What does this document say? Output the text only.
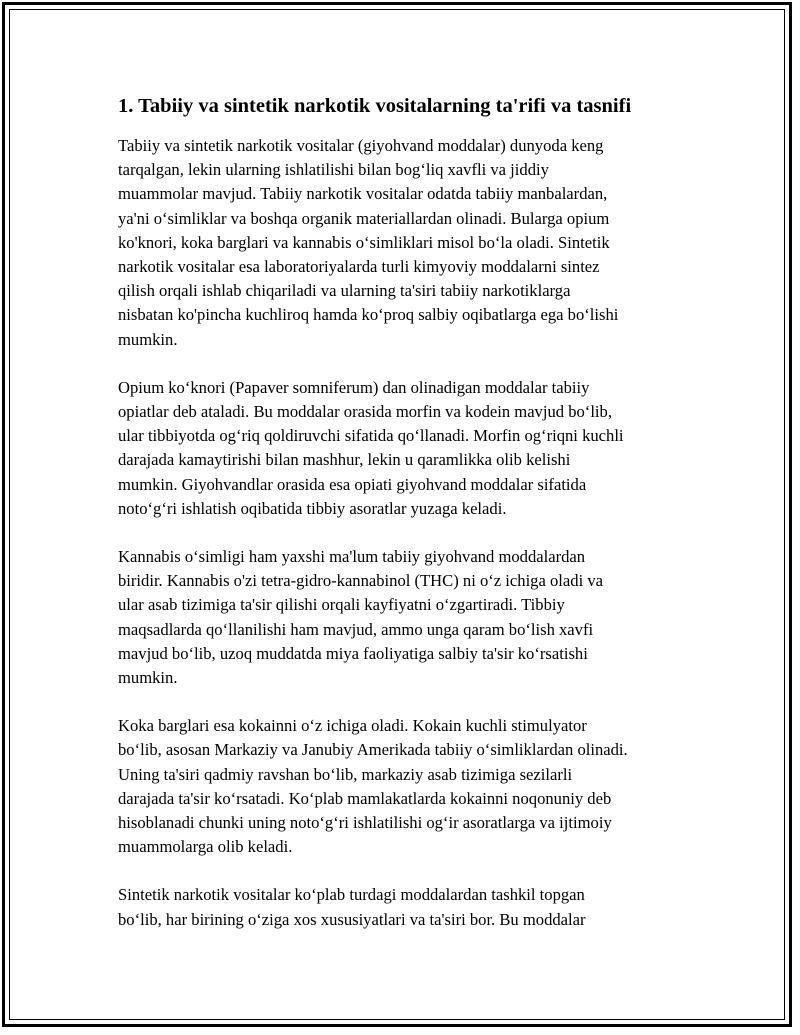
1. Tabiiy va sintetik narkotik vositalarning ta'rifi va tasnifi

Tabiiy va sintetik narkotik vositalar (giyohvand moddalar) dunyoda keng
tarqalgan, lekin ularning ishlatilishi bilan bog‘liq xavfli va jiddiy
muammolar mavjud. Tabiiy narkotik vositalar odatda tabiiy manbalardan,
ya'ni o‘simliklar va boshqa organik materiallardan olinadi. Bularga opium
ko'knori, koka barglari va kannabis o‘simliklari misol bo‘la oladi. Sintetik
narkotik vositalar esa laboratoriyalarda turli kimyoviy moddalarni sintez
qilish orqali ishlab chiqariladi va ularning ta'siri tabiiy narkotiklarga
nisbatan ko'pincha kuchliroq hamda ko‘proq salbiy oqibatlarga ega bo‘lishi
mumkin.

Opium ko‘knori (Papaver somniferum) dan olinadigan moddalar tabiiy
opiatlar deb ataladi. Bu moddalar orasida morfin va kodein mavjud bo‘lib,
ular tibbiyotda og‘riq qoldiruvchi sifatida qo‘llanadi. Morfin og‘riqni kuchli
darajada kamaytirishi bilan mashhur, lekin u qaramlikka olib kelishi
mumkin. Giyohvandlar orasida esa opiati giyohvand moddalar sifatida
noto‘g‘ri ishlatish oqibatida tibbiy asoratlar yuzaga keladi.

Kannabis o‘simligi ham yaxshi ma'lum tabiiy giyohvand moddalardan
biridir. Kannabis o'zi tetra-gidro-kannabinol (THC) ni o‘z ichiga oladi va
ular asab tizimiga ta'sir qilishi orqali kayfiyatni o‘zgartiradi. Tibbiy
maqsadlarda qo‘llanilishi ham mavjud, ammo unga qaram bo‘lish xavfi
mavjud bo‘lib, uzoq muddatda miya faoliyatiga salbiy ta'sir ko‘rsatishi
mumkin.

Koka barglari esa kokainni o‘z ichiga oladi. Kokain kuchli stimulyator
bo‘lib, asosan Markaziy va Janubiy Amerikada tabiiy o‘simliklardan olinadi.
Uning ta'siri qadmiy ravshan bo‘lib, markaziy asab tizimiga sezilarli
darajada ta'sir ko‘rsatadi. Ko‘plab mamlakatlarda kokainni noqonuniy deb
hisoblanadi chunki uning noto‘g‘ri ishlatilishi og‘ir asoratlarga va ijtimoiy
muammolarga olib keladi.

Sintetik narkotik vositalar ko‘plab turdagi moddalardan tashkil topgan
bo‘lib, har birining o‘ziga xos xususiyatlari va ta'siri bor. Bu moddalar
